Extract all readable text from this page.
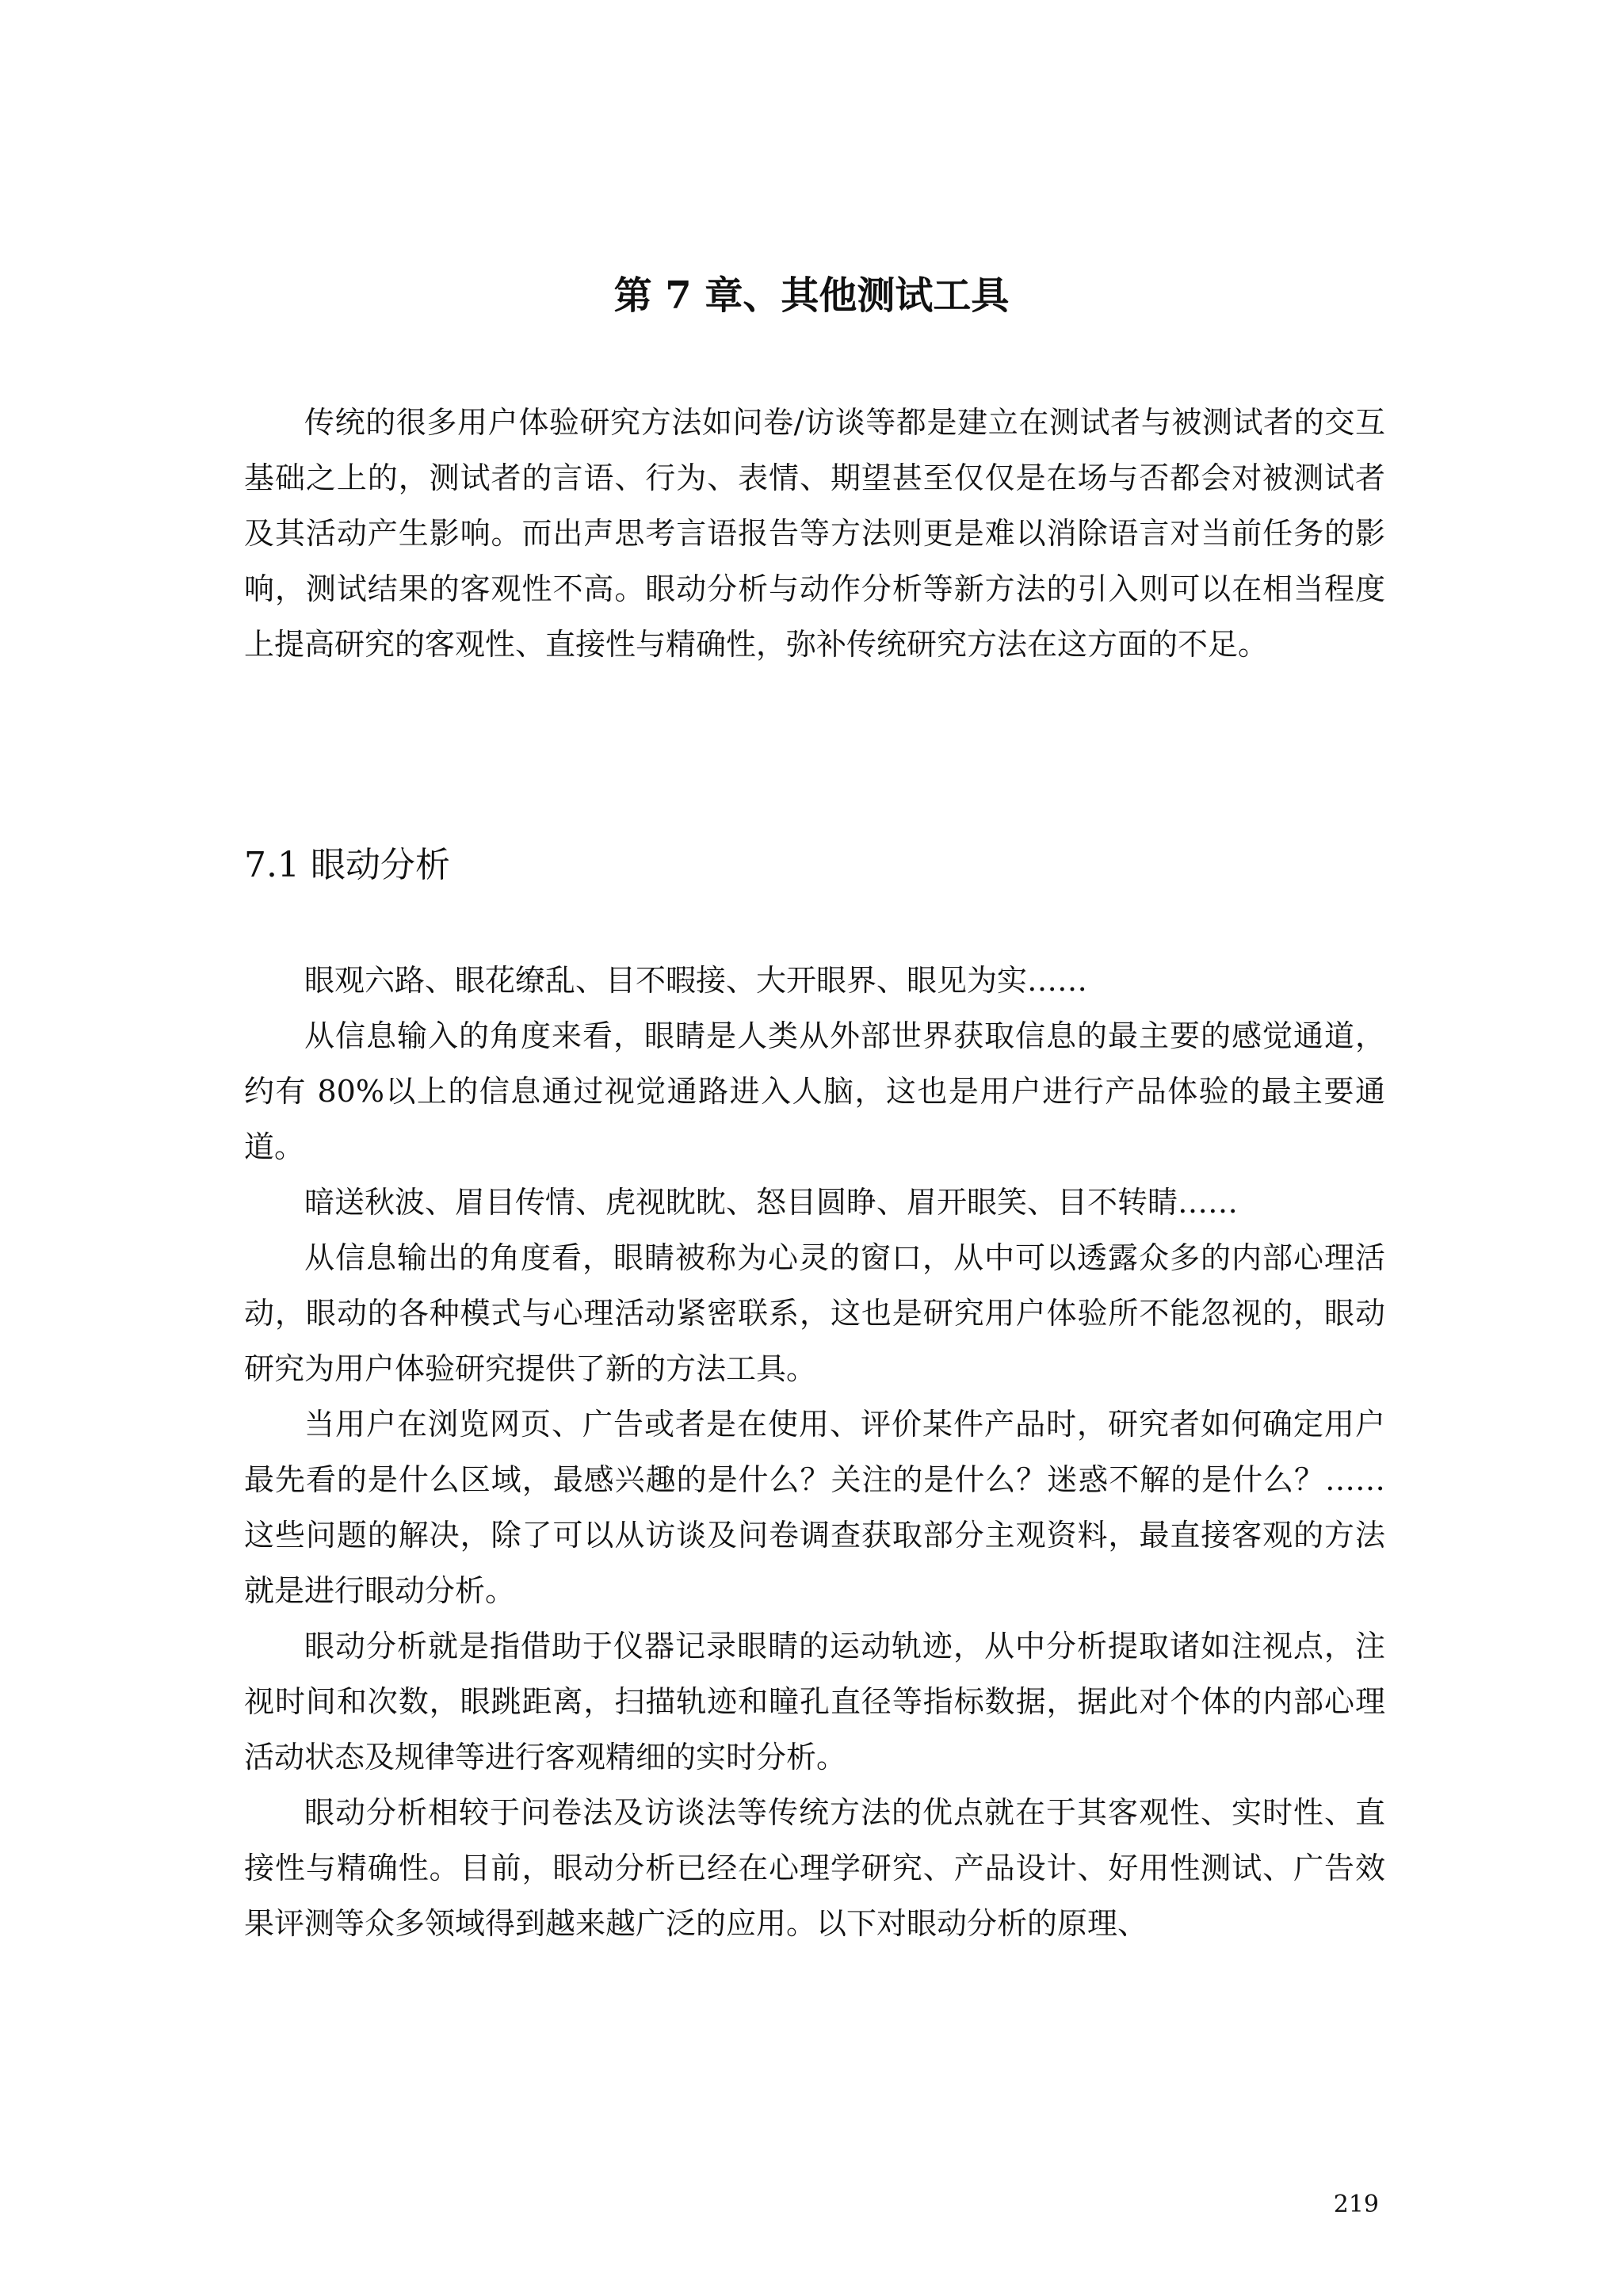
第 7 章、其他测试工具

传统的很多用户体验研究方法如问卷/访谈等都是建立在测试者与被测试者的交互基础之上的，测试者的言语、行为、表情、期望甚至仅仅是在场与否都会对被测试者及其活动产生影响。而出声思考言语报告等方法则更是难以消除语言对当前任务的影响，测试结果的客观性不高。眼动分析与动作分析等新方法的引入则可以在相当程度上提高研究的客观性、直接性与精确性，弥补传统研究方法在这方面的不足。

7.1 眼动分析

眼观六路、眼花缭乱、目不暇接、大开眼界、眼见为实……

从信息输入的角度来看，眼睛是人类从外部世界获取信息的最主要的感觉通道，约有 80%以上的信息通过视觉通路进入人脑，这也是用户进行产品体验的最主要通道。

暗送秋波、眉目传情、虎视眈眈、怒目圆睁、眉开眼笑、目不转睛……

从信息输出的角度看，眼睛被称为心灵的窗口，从中可以透露众多的内部心理活动，眼动的各种模式与心理活动紧密联系，这也是研究用户体验所不能忽视的，眼动研究为用户体验研究提供了新的方法工具。

当用户在浏览网页、广告或者是在使用、评价某件产品时，研究者如何确定用户最先看的是什么区域，最感兴趣的是什么？关注的是什么？迷惑不解的是什么？……这些问题的解决，除了可以从访谈及问卷调查获取部分主观资料，最直接客观的方法就是进行眼动分析。

眼动分析就是指借助于仪器记录眼睛的运动轨迹，从中分析提取诸如注视点，注视时间和次数，眼跳距离，扫描轨迹和瞳孔直径等指标数据，据此对个体的内部心理活动状态及规律等进行客观精细的实时分析。

眼动分析相较于问卷法及访谈法等传统方法的优点就在于其客观性、实时性、直接性与精确性。目前，眼动分析已经在心理学研究、产品设计、好用性测试、广告效果评测等众多领域得到越来越广泛的应用。以下对眼动分析的原理、

219
